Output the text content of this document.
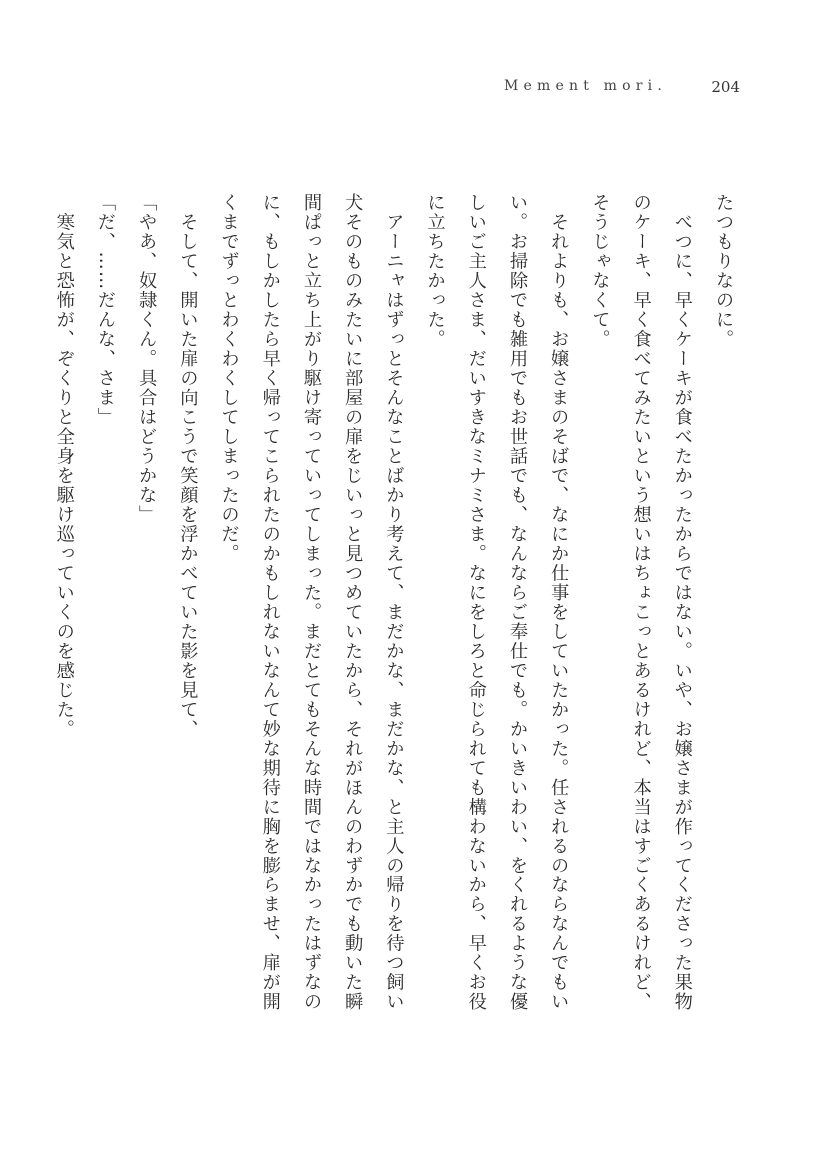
Mement mori.	204
たつもりなのに。
　べつに、早くケーキが食べたかったからではない。いや、お嬢さまが作ってくださった果物
のケーキ、早く食べてみたいという想いはちょこっとあるけれど、本当はすごくあるけれど、
そうじゃなくて。
　それよりも、お嬢さまのそばで、なにか仕事をしていたかった。任されるのならなんでもい
い。お掃除でも雑用でもお世話でも、なんならご奉仕でも。かいきいわい、をくれるような優
しいご主人さま、だいすきなミナミさま。なにをしろと命じられても構わないから、早くお役
に立ちたかった。
　アーニャはずっとそんなことばかり考えて、まだかな、まだかな、と主人の帰りを待つ飼い
犬そのものみたいに部屋の扉をじいっと見つめていたから、それがほんのわずかでも動いた瞬
間ぱっと立ち上がり駆け寄っていってしまった。まだとてもそんな時間ではなかったはずなの
に、もしかしたら早く帰ってこられたのかもしれないなんて妙な期待に胸を膨らませ、扉が開
くまでずっとわくわくしてしまったのだ。
　そして、開いた扉の向こうで笑顔を浮かべていた影を見て、
「やあ、奴隷くん。具合はどうかな」
「だ、……だんな、さま」
　寒気と恐怖が、ぞくりと全身を駆け巡っていくのを感じた。
